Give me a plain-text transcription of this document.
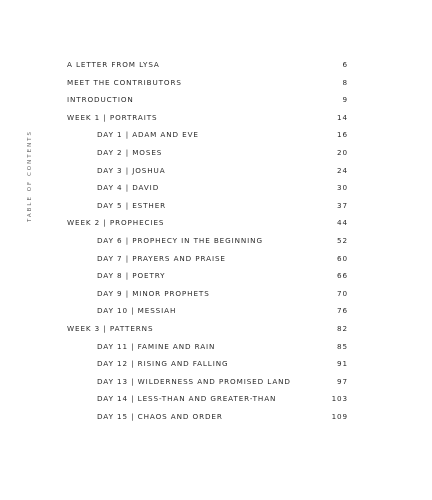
TABLE OF CONTENTS
A LETTER FROM LYSA	6
MEET THE CONTRIBUTORS	8
INTRODUCTION	9
WEEK 1 | PORTRAITS	14
DAY 1 | ADAM AND EVE	16
DAY 2 | MOSES	20
DAY 3 | JOSHUA	24
DAY 4 | DAVID	30
DAY 5 | ESTHER	37
WEEK 2 | PROPHECIES	44
DAY 6 | PROPHECY IN THE BEGINNING	52
DAY 7 | PRAYERS AND PRAISE	60
DAY 8 | POETRY	66
DAY 9 | MINOR PROPHETS	70
DAY 10 | MESSIAH	76
WEEK 3 | PATTERNS	82
DAY 11 | FAMINE AND RAIN	85
DAY 12 | RISING AND FALLING	91
DAY 13 | WILDERNESS AND PROMISED LAND	97
DAY 14 | LESS-THAN AND GREATER-THAN	103
DAY 15 | CHAOS AND ORDER	109
